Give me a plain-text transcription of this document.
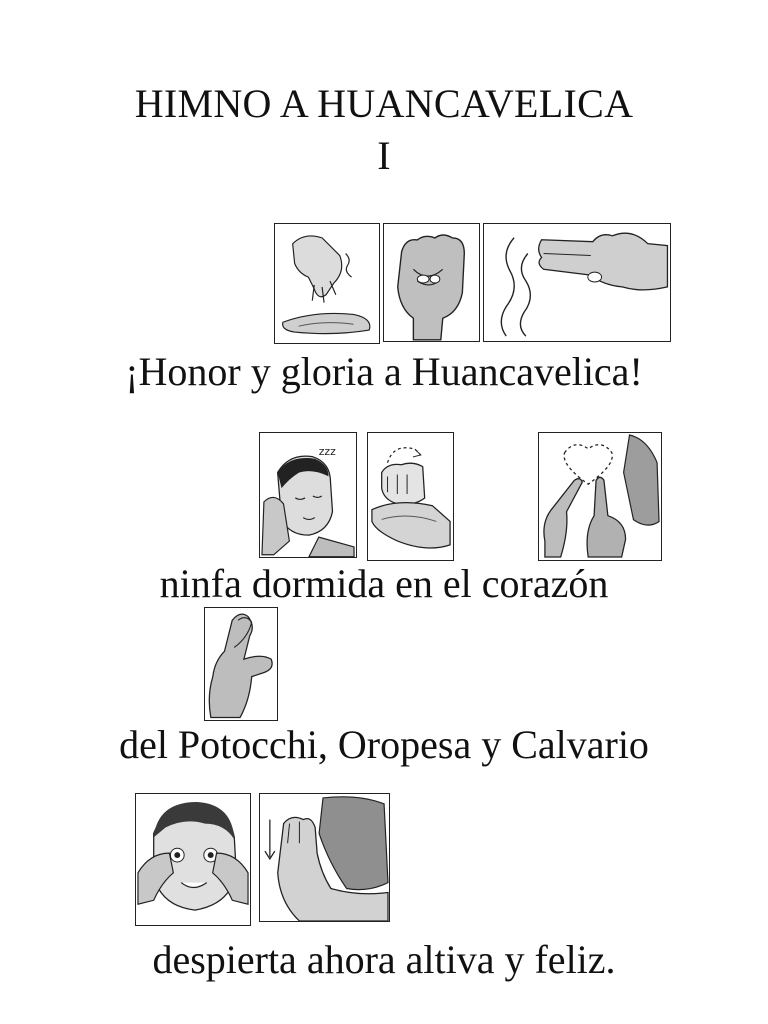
HIMNO A HUANCAVELICA
I
¡Honor y gloria a Huancavelica!
zzz
ninfa dormida en el corazón
del Potocchi, Oropesa y Calvario
despierta ahora altiva y feliz.
